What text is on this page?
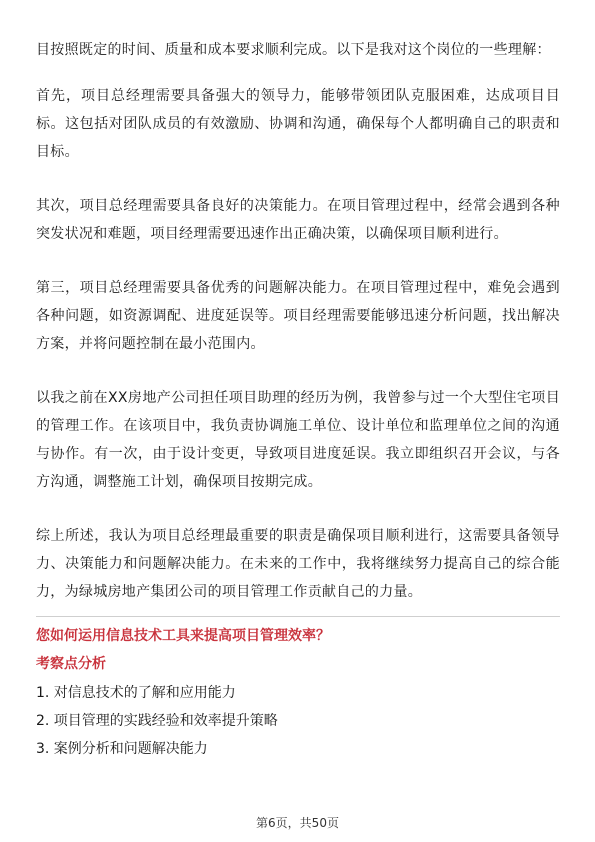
目按照既定的时间、质量和成本要求顺利完成。以下是我对这个岗位的一些理解：

首先，项目总经理需要具备强大的领导力，能够带领团队克服困难，达成项目目标。这包括对团队成员的有效激励、协调和沟通，确保每个人都明确自己的职责和目标。

其次，项目总经理需要具备良好的决策能力。在项目管理过程中，经常会遇到各种突发状况和难题，项目经理需要迅速作出正确决策，以确保项目顺利进行。

第三，项目总经理需要具备优秀的问题解决能力。在项目管理过程中，难免会遇到各种问题，如资源调配、进度延误等。项目经理需要能够迅速分析问题，找出解决方案，并将问题控制在最小范围内。

以我之前在XX房地产公司担任项目助理的经历为例，我曾参与过一个大型住宅项目的管理工作。在该项目中，我负责协调施工单位、设计单位和监理单位之间的沟通与协作。有一次，由于设计变更，导致项目进度延误。我立即组织召开会议，与各方沟通，调整施工计划，确保项目按期完成。

综上所述，我认为项目总经理最重要的职责是确保项目顺利进行，这需要具备领导力、决策能力和问题解决能力。在未来的工作中，我将继续努力提高自己的综合能力，为绿城房地产集团公司的项目管理工作贡献自己的力量。

您如何运用信息技术工具来提高项目管理效率？

考察点分析

1. 对信息技术的了解和应用能力
2. 项目管理的实践经验和效率提升策略
3. 案例分析和问题解决能力
第6页，共50页
